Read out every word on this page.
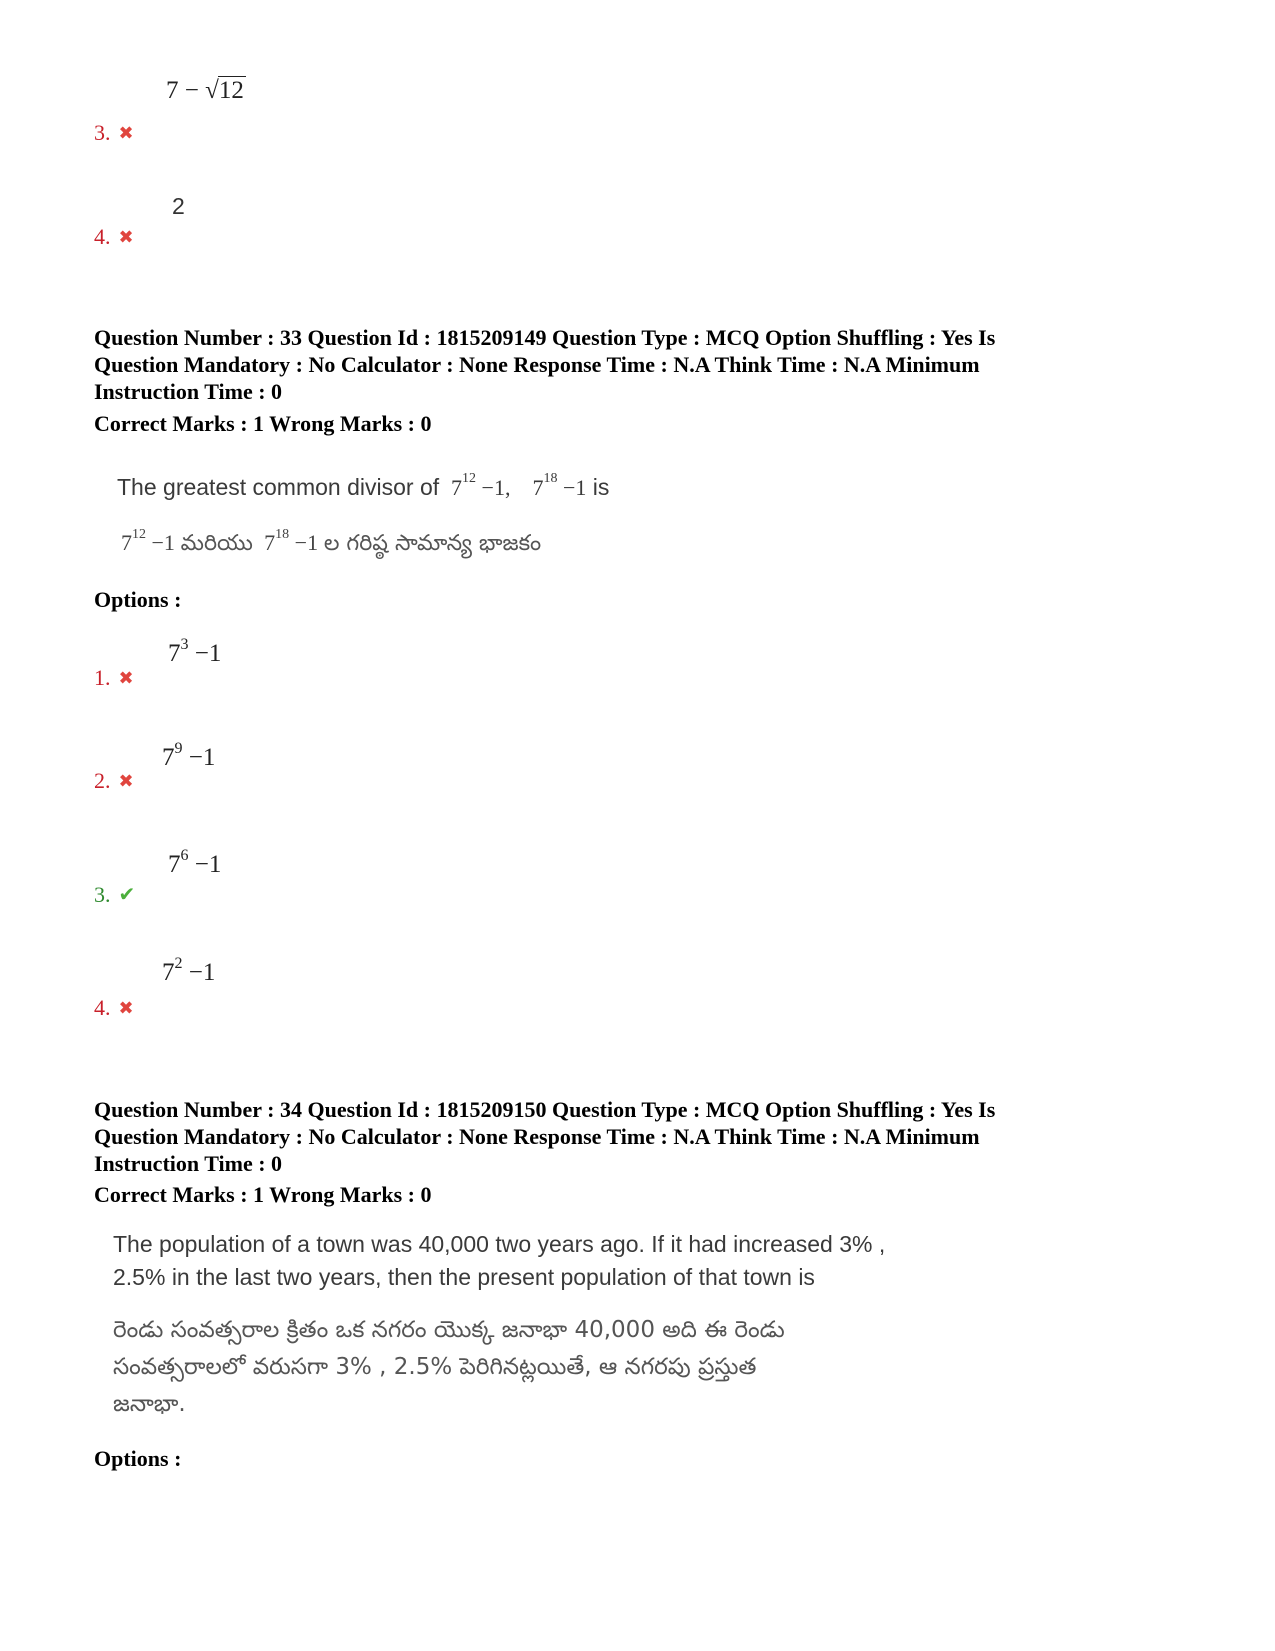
7 − √12
3. ✖
2
4. ✖
Question Number : 33 Question Id : 1815209149 Question Type : MCQ Option Shuffling : Yes Is
Question Mandatory : No Calculator : None Response Time : N.A Think Time : N.A Minimum
Instruction Time : 0
Correct Marks : 1 Wrong Marks : 0
The greatest common divisor of  $7^{12} -1$,    $7^{18} -1$ is
$7^{12} -1$ మరియు  $7^{18} -1$ ల గరిష్ఠ సామాన్య భాజకం
Options :
$7^3 -1$
1. ✖
$7^9 -1$
2. ✖
$7^6 -1$
3. ✔
$7^2 -1$
4. ✖
Question Number : 34 Question Id : 1815209150 Question Type : MCQ Option Shuffling : Yes Is
Question Mandatory : No Calculator : None Response Time : N.A Think Time : N.A Minimum
Instruction Time : 0
Correct Marks : 1 Wrong Marks : 0
The population of a town was 40,000 two years ago. If it had increased 3% ,
2.5% in the last two years, then the present population of that town is
రెండు సంవత్సరాల క్రితం ఒక నగరం యొక్క జనాభా 40,000 అది ఈ రెండు
సంవత్సరాలలో వరుసగా 3% , 2.5% పెరిగినట్లయితే, ఆ నగరపు ప్రస్తుత
జనాభా.
Options :
